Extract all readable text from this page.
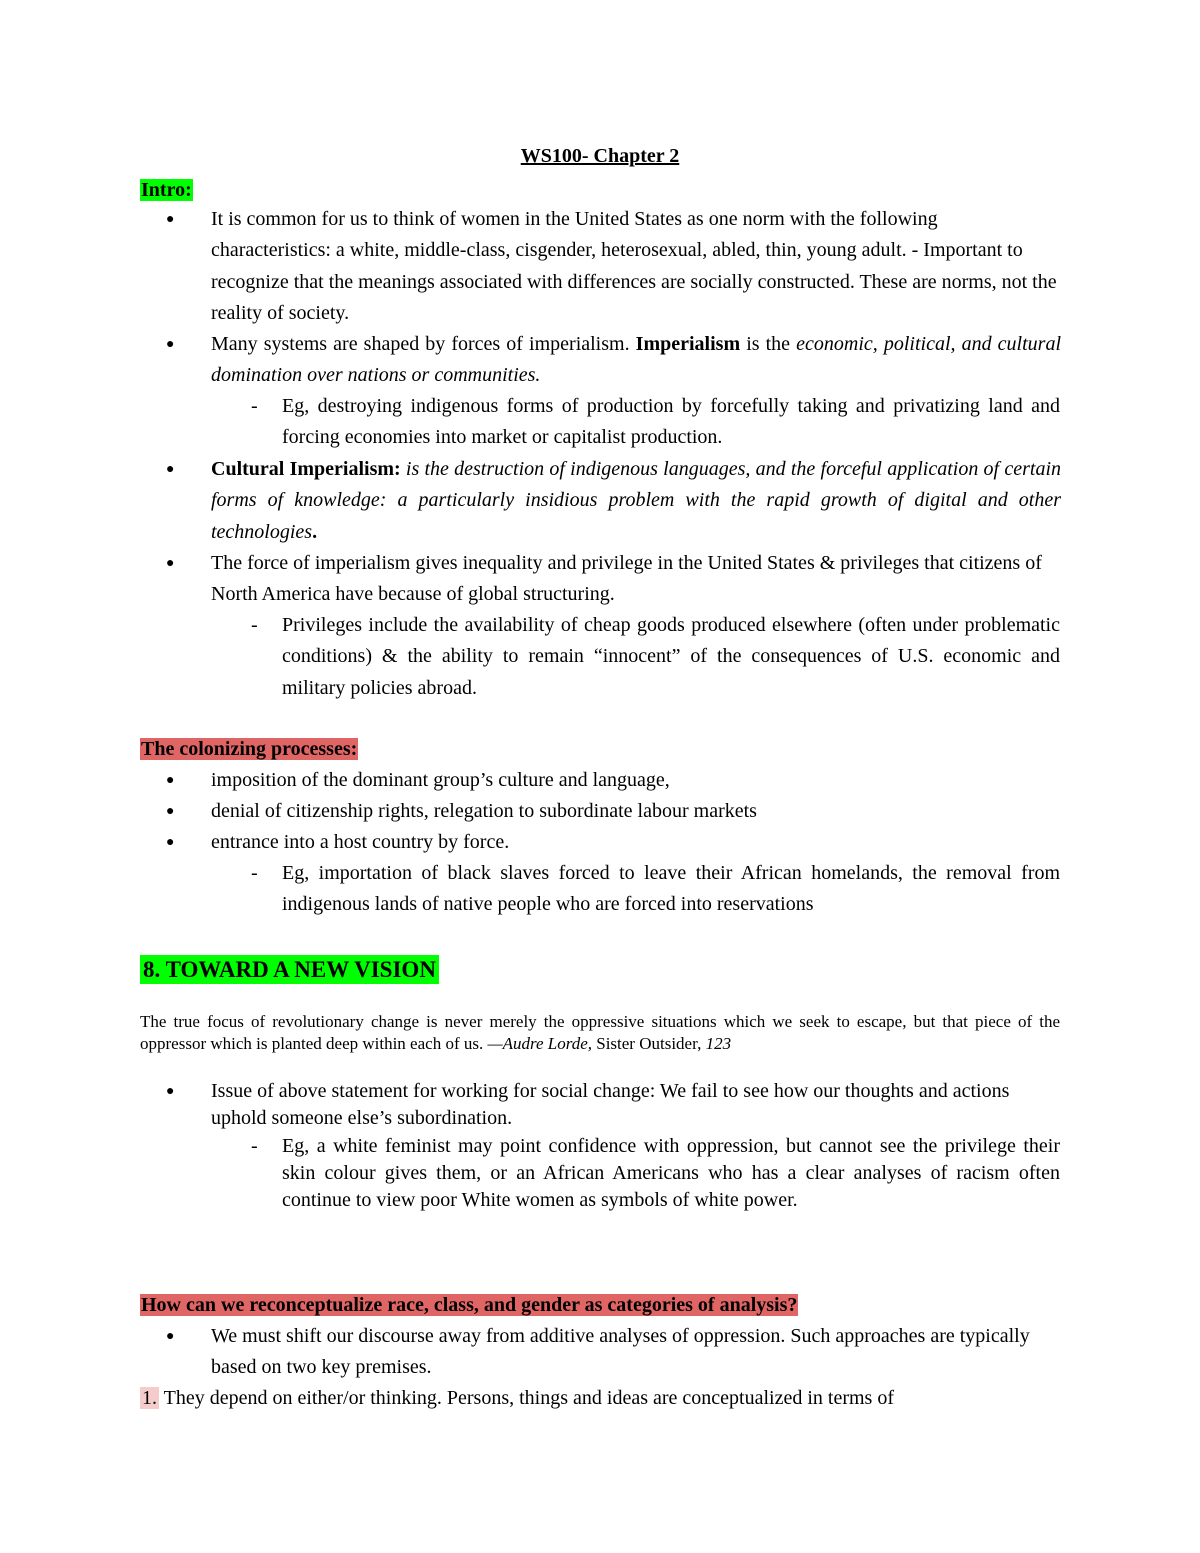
WS100- Chapter 2
Intro:
● It is common for us to think of women in the United States as one norm with the following characteristics: a white, middle-class, cisgender, heterosexual, abled, thin, young adult. - Important to recognize that the meanings associated with differences are socially constructed. These are norms, not the reality of society.
● Many systems are shaped by forces of imperialism. Imperialism is the economic, political, and cultural domination over nations or communities.
- Eg, destroying indigenous forms of production by forcefully taking and privatizing land and forcing economies into market or capitalist production.
● Cultural Imperialism: is the destruction of indigenous languages, and the forceful application of certain forms of knowledge: a particularly insidious problem with the rapid growth of digital and other technologies.
● The force of imperialism gives inequality and privilege in the United States & privileges that citizens of North America have because of global structuring.
- Privileges include the availability of cheap goods produced elsewhere (often under problematic conditions) & the ability to remain “innocent” of the consequences of U.S. economic and military policies abroad.
The colonizing processes:
● imposition of the dominant group’s culture and language,
● denial of citizenship rights, relegation to subordinate labour markets
● entrance into a host country by force.
- Eg, importation of black slaves forced to leave their African homelands, the removal from indigenous lands of native people who are forced into reservations
8. TOWARD A NEW VISION
The true focus of revolutionary change is never merely the oppressive situations which we seek to escape, but that piece of the oppressor which is planted deep within each of us. —Audre Lorde, Sister Outsider, 123
● Issue of above statement for working for social change: We fail to see how our thoughts and actions uphold someone else’s subordination.
- Eg, a white feminist may point confidence with oppression, but cannot see the privilege their skin colour gives them, or an African Americans who has a clear analyses of racism often continue to view poor White women as symbols of white power.
How can we reconceptualize race, class, and gender as categories of analysis?
● We must shift our discourse away from additive analyses of oppression. Such approaches are typically based on two key premises.
1. They depend on either/or thinking. Persons, things and ideas are conceptualized in terms of
